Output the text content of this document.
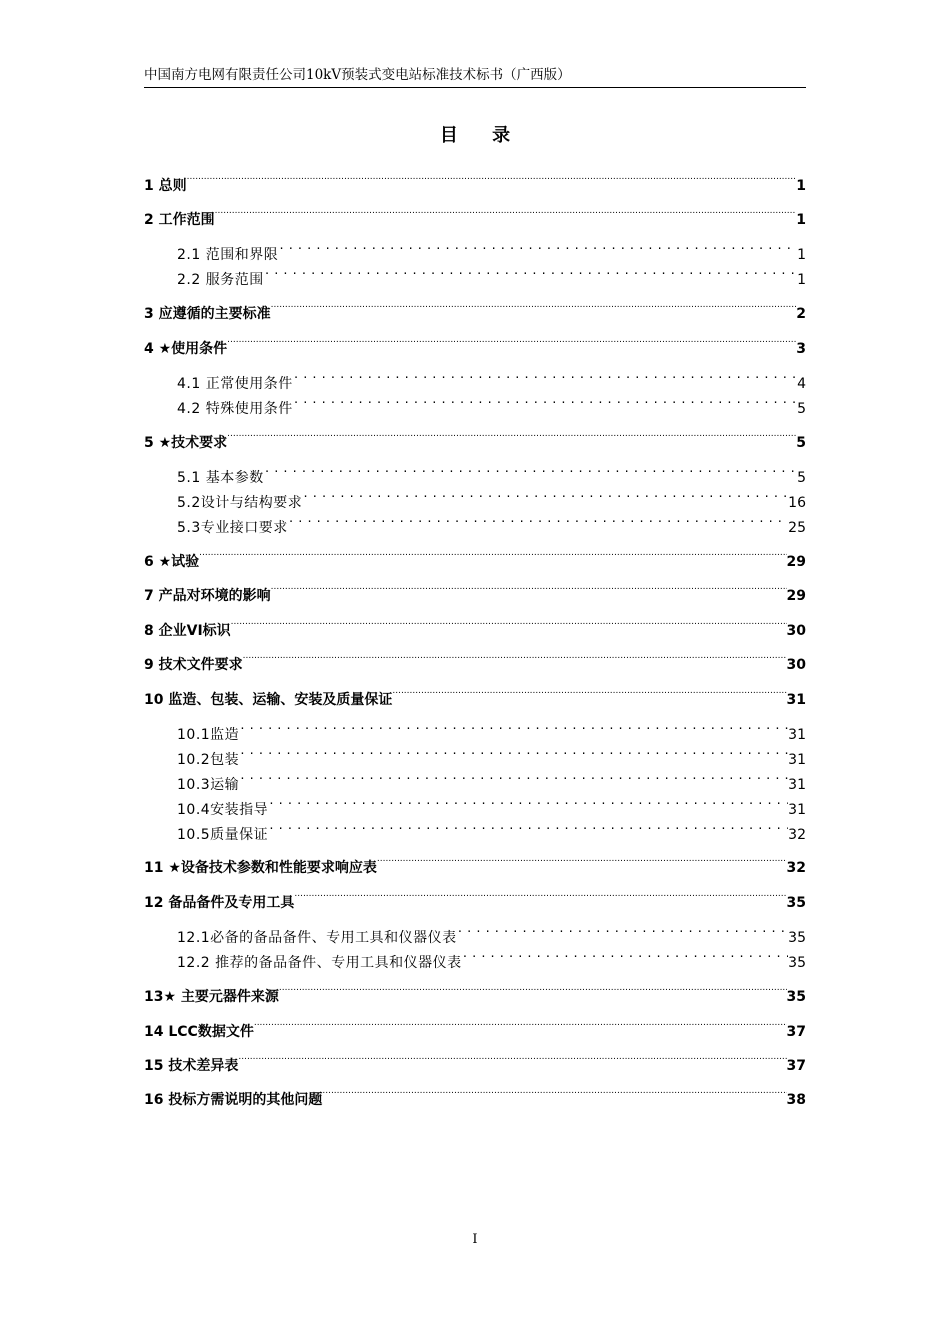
中国南方电网有限责任公司10kV预装式变电站标准技术标书（广西版）
目 录
1 总则 .....	1
2 工作范围 .....	1
2.1 范围和界限 .....	1
2.2 服务范围 .....	1
3 应遵循的主要标准 .....	2
4 ★使用条件 .....	3
4.1 正常使用条件 .....	4
4.2 特殊使用条件 .....	5
5 ★技术要求 .....	5
5.1 基本参数 .....	5
5.2设计与结构要求 .....	16
5.3专业接口要求 .....	25
6 ★试验 .....	29
7 产品对环境的影响 .....	29
8 企业VI标识 .....	30
9 技术文件要求 .....	30
10 监造、包装、运输、安装及质量保证 .....	31
10.1监造 .....	31
10.2包装 .....	31
10.3运输 .....	31
10.4安装指导 .....	31
10.5质量保证 .....	32
11 ★设备技术参数和性能要求响应表 .....	32
12 备品备件及专用工具 .....	35
12.1必备的备品备件、专用工具和仪器仪表 .....	35
12.2 推荐的备品备件、专用工具和仪器仪表 .....	35
13★ 主要元器件来源 .....	35
14 LCC数据文件 .....	37
15 技术差异表 .....	37
16 投标方需说明的其他问题 .....	38
I
